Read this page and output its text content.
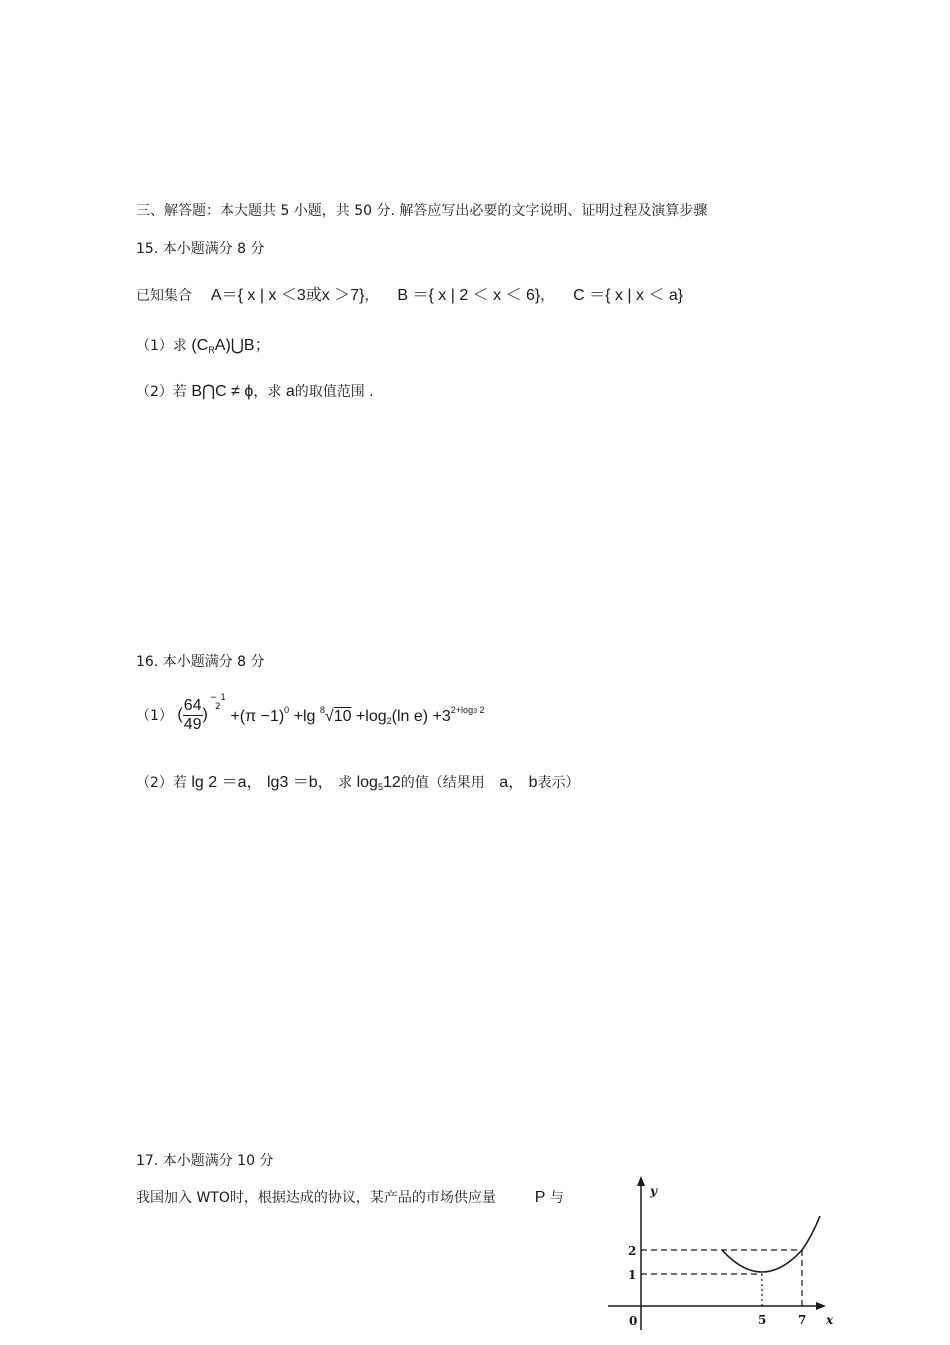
三、解答题：本大题共 5 小题，共 50 分. 解答应写出必要的文字说明、证明过程及演算步骤
15. 本小题满分 8 分
已知集合 A＝{ x | x ＜3或x ＞7}，  B ＝{ x | 2 ＜ x ＜ 6}，  C ＝{ x | x ＜ a}
（1）求 $(C_RA)⋃B$；
（2）若 B⋂C ≠ ϕ，求 a的取值范围 .
16. 本小题满分 8 分
（1） ( $\frac{64}{49}$ )
− 1
2
$+(\pi -1)^0 +\lg$ $^8√10 +\log_2(\ln$ $e) +3^{2+log3 2}$
（2）若 lg 2 ＝a， lg3 ＝b， 求 $\log_512$的值（结果用 a， b表示）
17. 本小题满分 10 分
我国加入 WTO时，根据达成的协议，某产品的市场供应量 P 与	y
x
0
2
1
5	7
